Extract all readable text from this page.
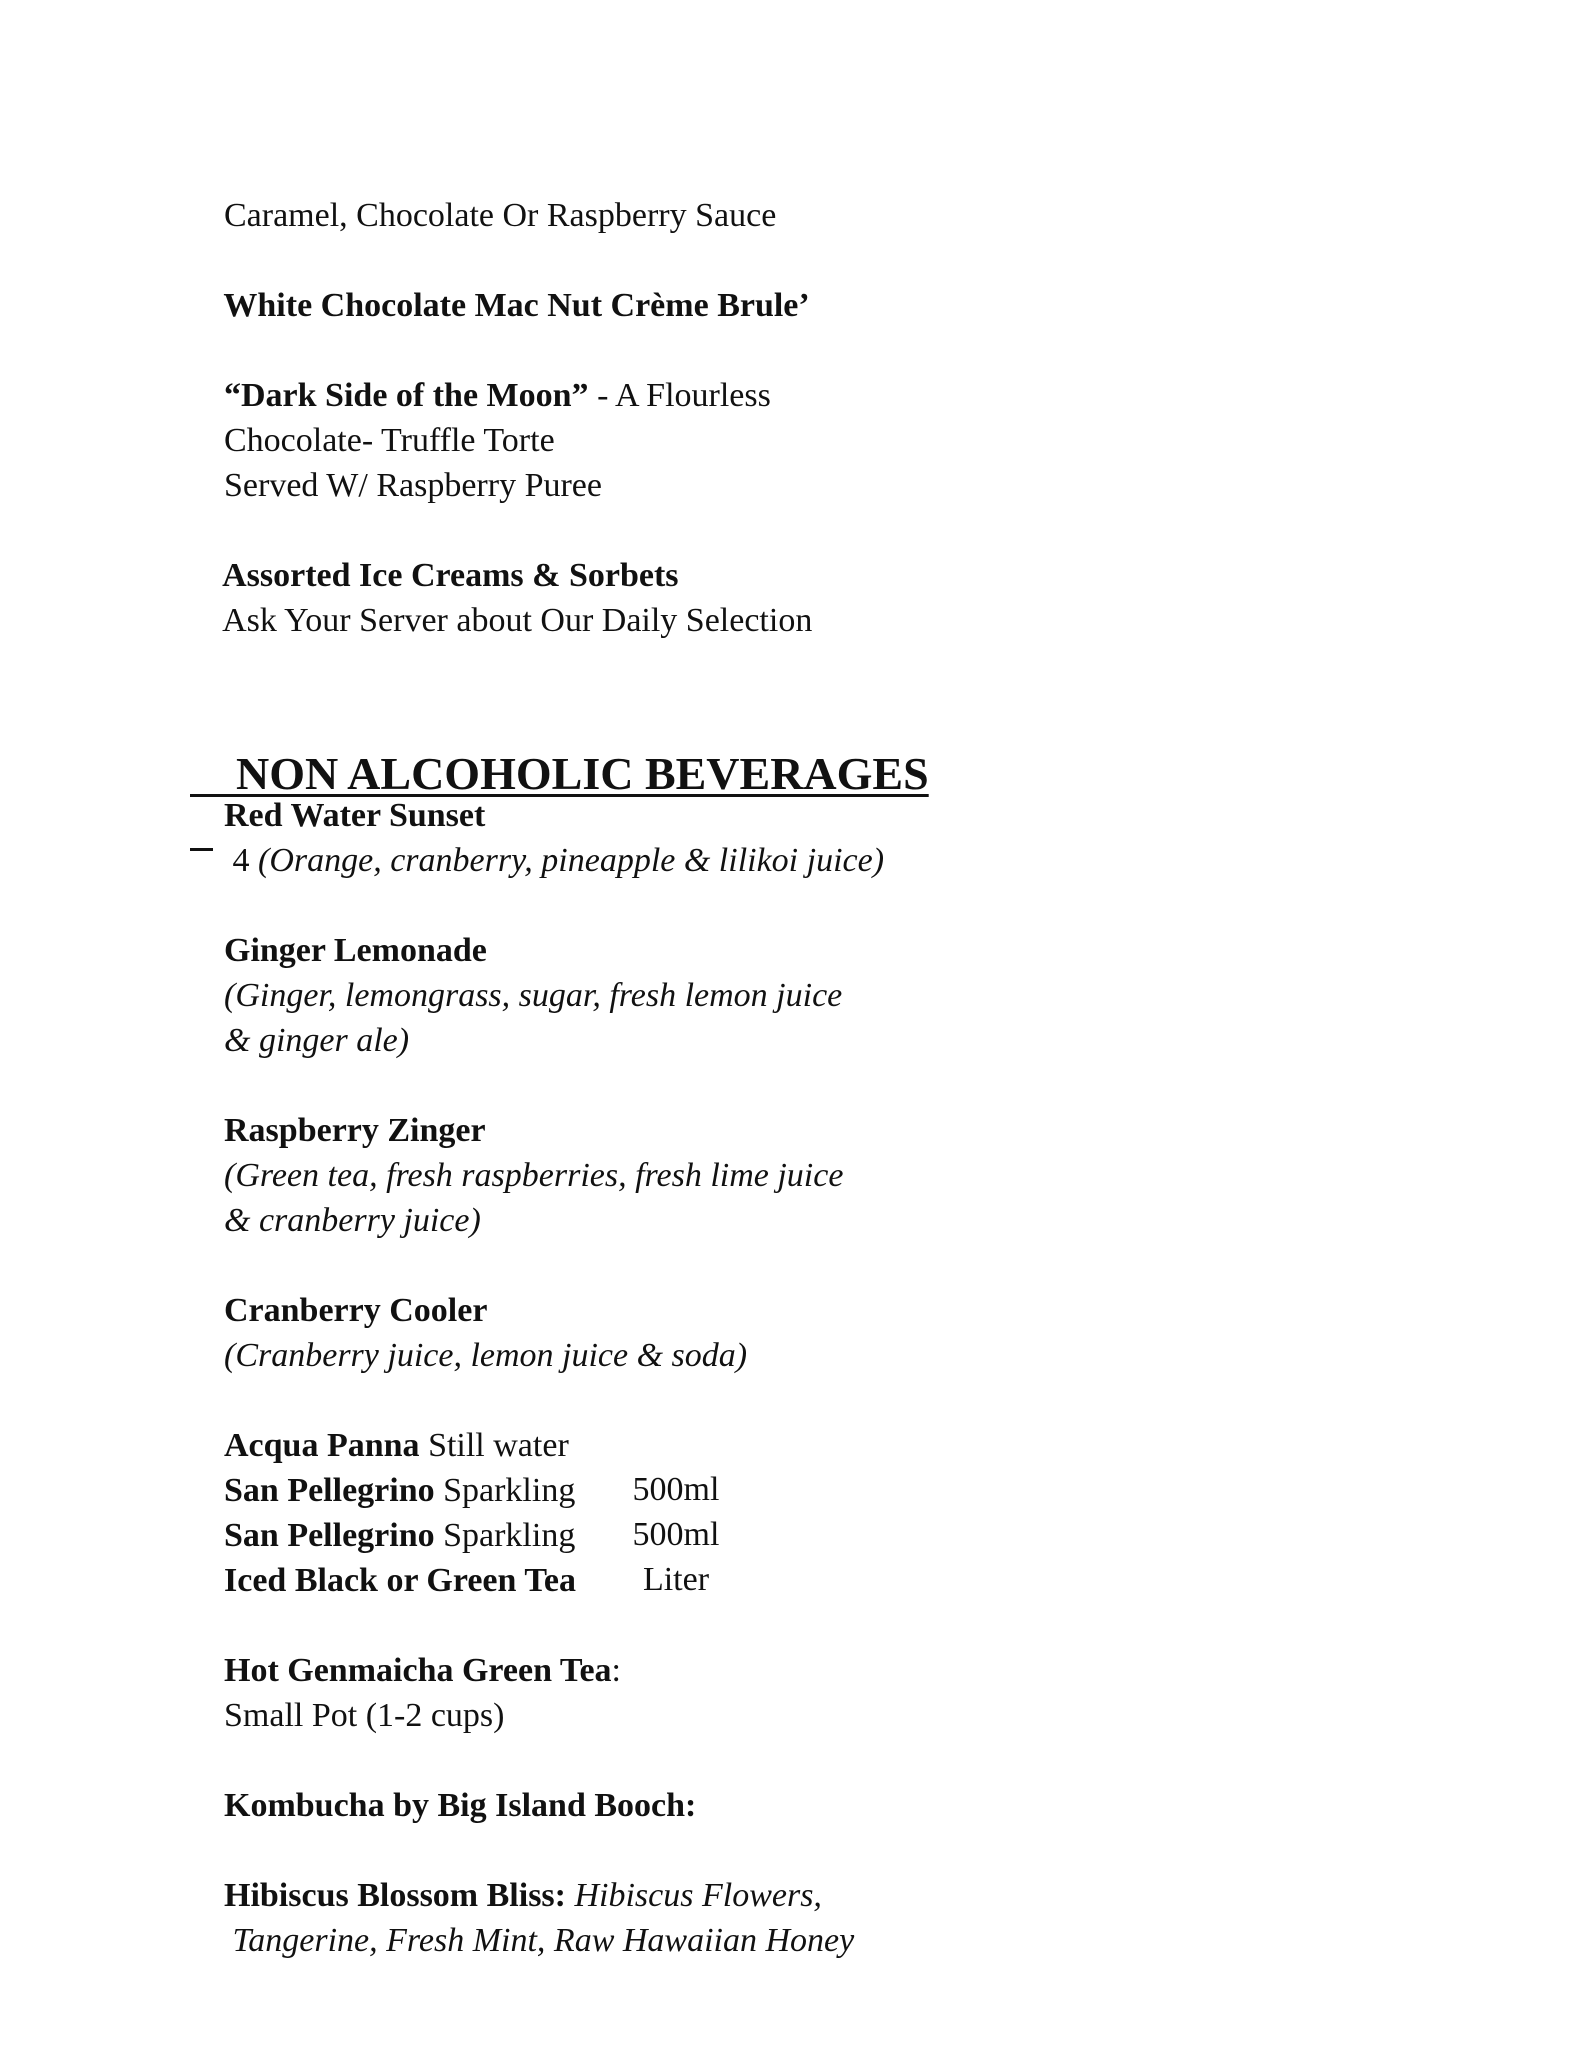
Caramel, Chocolate Or Raspberry Sauce

White Chocolate Mac Nut Crème Brule’

“Dark Side of the Moon” - A Flourless

Chocolate- Truffle Torte

Served W/ Raspberry Puree

Assorted Ice Creams & Sorbets

Ask Your Server about Our Daily Selection

NON ALCOHOLIC BEVERAGES

Red Water Sunset

4 (Orange, cranberry, pineapple & lilikoi juice)

Ginger Lemonade

(Ginger, lemongrass, sugar, fresh lemon juice

& ginger ale)

Raspberry Zinger

(Green tea, fresh raspberries, fresh lime juice

& cranberry juice)

Cranberry Cooler

(Cranberry juice, lemon juice & soda)

Acqua Panna Still water

500ml

San Pellegrino Sparkling

500ml

San Pellegrino Sparkling

Liter

Iced Black or Green Tea

Hot Genmaicha Green Tea:

Small Pot (1-2 cups)

Kombucha by Big Island Booch:

Hibiscus Blossom Bliss: Hibiscus Flowers,

Tangerine, Fresh Mint, Raw Hawaiian Honey
